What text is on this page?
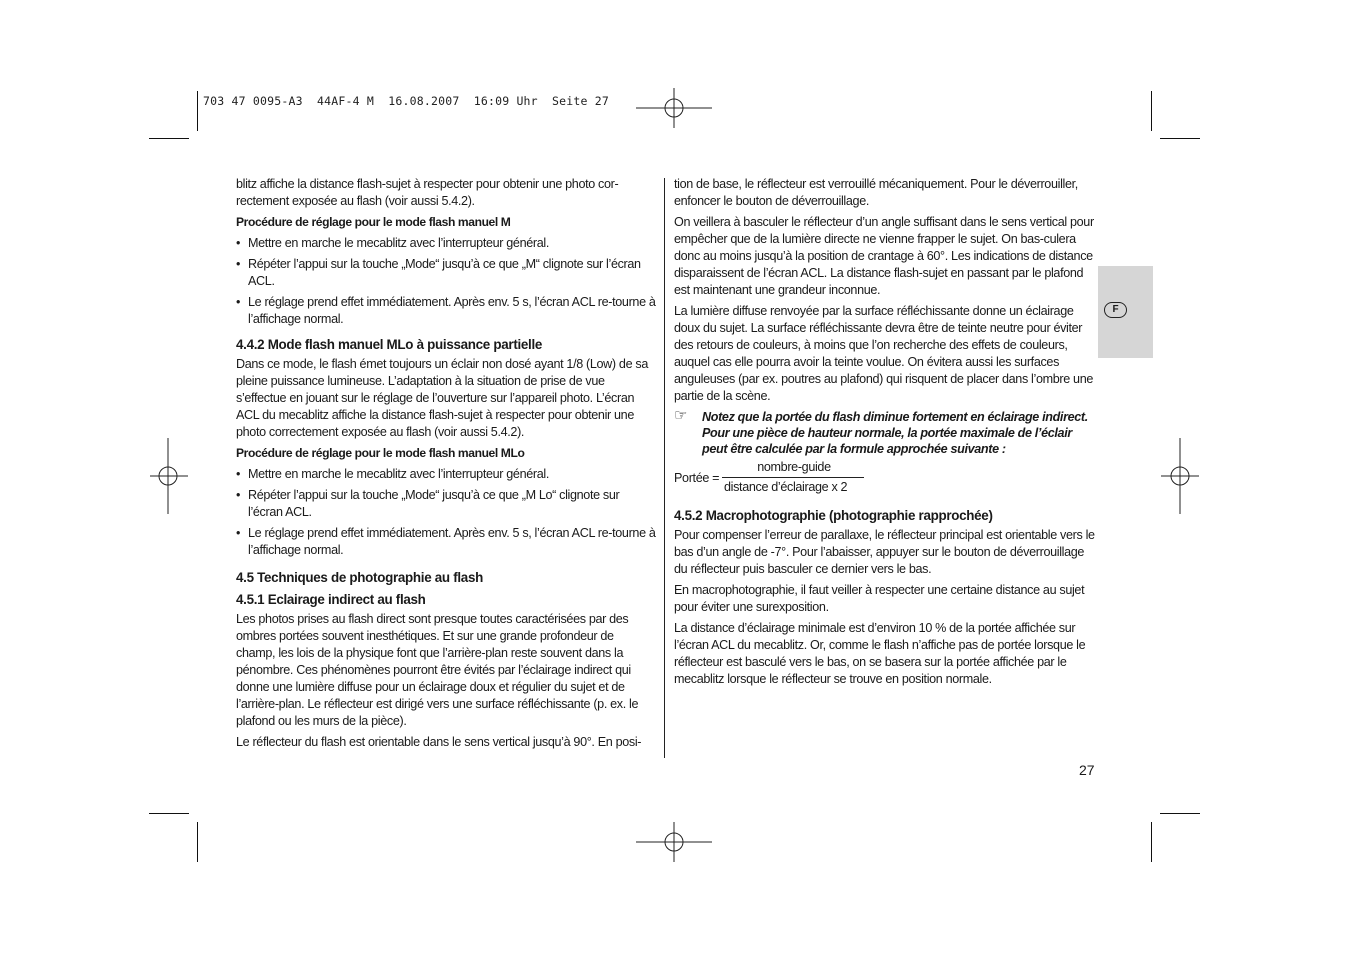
703 47 0095-A3  44AF-4 M  16.08.2007  16:09 Uhr  Seite 27
F

blitz affiche la distance flash-sujet à respecter pour obtenir une photo cor-rectement exposée au flash (voir aussi 5.4.2).

Procédure de réglage pour le mode flash manuel M
• Mettre en marche le mecablitz avec l’interrupteur général.
• Répéter l’appui sur la touche „Mode“ jusqu’à ce que „M“ clignote sur l’écran ACL.
• Le réglage prend effet immédiatement. Après env. 5 s, l’écran ACL re-tourne à l’affichage normal.
4.4.2 Mode flash manuel MLo à puissance partielle

Dans ce mode, le flash émet toujours un éclair non dosé ayant 1/8 (Low) de sa pleine puissance lumineuse. L’adaptation à la situation de prise de vue s’effectue en jouant sur le réglage de l’ouverture sur l’appareil photo. L’écran ACL du mecablitz affiche la distance flash-sujet à respecter pour obtenir une photo correctement exposée au flash (voir aussi 5.4.2).

Procédure de réglage pour le mode flash manuel MLo
• Mettre en marche le mecablitz avec l’interrupteur général.
• Répéter l’appui sur la touche „Mode“ jusqu’à ce que „M Lo“ clignote sur l’écran ACL.
• Le réglage prend effet immédiatement. Après env. 5 s, l’écran ACL re-tourne à l’affichage normal.
4.5 Techniques de photographie au flash
4.5.1 Eclairage indirect au flash

Les photos prises au flash direct sont presque toutes caractérisées par des ombres portées souvent inesthétiques. Et sur une grande profondeur de champ, les lois de la physique font que l’arrière-plan reste souvent dans la pénombre. Ces phénomènes pourront être évités par l’éclairage indirect qui donne une lumière diffuse pour un éclairage doux et régulier du sujet et de l’arrière-plan. Le réflecteur est dirigé vers une surface réfléchissante (p. ex. le plafond ou les murs de la pièce).

Le réflecteur du flash est orientable dans le sens vertical jusqu’à 90°. En posi-

tion de base, le réflecteur est verrouillé mécaniquement. Pour le déverrouiller, enfoncer le bouton de déverrouillage.

On veillera à basculer le réflecteur d’un angle suffisant dans le sens vertical pour empêcher que de la lumière directe ne vienne frapper le sujet. On bas-culera donc au moins jusqu’à la position de crantage à 60°. Les indications de distance disparaissent de l’écran ACL. La distance flash-sujet en passant par le plafond est maintenant une grandeur inconnue.

La lumière diffuse renvoyée par la surface réfléchissante donne un éclairage doux du sujet. La surface réfléchissante devra être de teinte neutre pour éviter des retours de couleurs, à moins que l’on recherche des effets de couleurs, auquel cas elle pourra avoir la teinte voulue. On évitera aussi les surfaces anguleuses (par ex. poutres au plafond) qui risquent de placer dans l’ombre une partie de la scène.

☞ Notez que la portée du flash diminue fortement en éclairage indirect. Pour une pièce de hauteur normale, la portée maximale de l’éclair peut être calculée par la formule approchée suivante :
Portée =
nombre-guide
distance d’éclairage x 2
4.5.2 Macrophotographie (photographie rapprochée)

Pour compenser l’erreur de parallaxe, le réflecteur principal est orientable vers le bas d’un angle de -7°. Pour l’abaisser, appuyer sur le bouton de déverrouillage du réflecteur puis basculer ce dernier vers le bas.

En macrophotographie, il faut veiller à respecter une certaine distance au sujet pour éviter une surexposition.

La distance d’éclairage minimale est d’environ 10 % de la portée affichée sur l’écran ACL du mecablitz. Or, comme le flash n’affiche pas de portée lorsque le réflecteur est basculé vers le bas, on se basera sur la portée affichée par le mecablitz lorsque le réflecteur se trouve en position normale.

27
